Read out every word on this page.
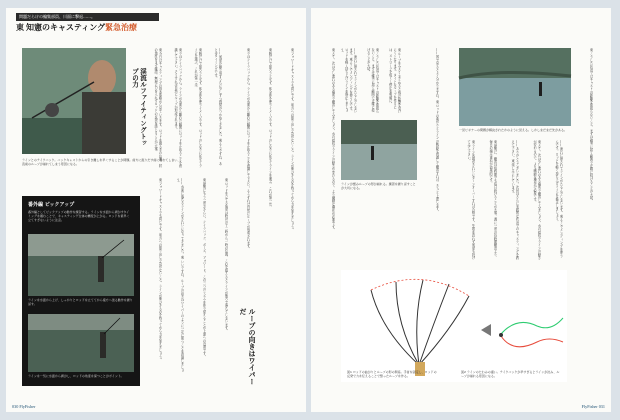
問題だらけの編集部員、川面に撃退……。
東 知憲のキャスティング緊急治療
ラインとのテイクバック。バックキャストからの引き離しを早くすることが問題。前方に振りだす前に垂れてしまい、直前のループが崩れてしまう原因になる。
渓流ルファイティングトップの力
番外編 ピックアップ
番外編としてピックアップの動作を練習する。ラインを水面から剥がすタイミングを掴むことで、キャスティング全体の精度が上がる。ロッドを素早く立てすぎないように注意。
ラインを水面から上げ、しっかりとロッドを立ててから後方へ送る動作を繰り返す。
ラインを一気に水面から剥がし、ロッドの角度を保つことがポイント。
東 今日はキャスティングの基本姿勢から見ていきます。ロッドを握る手の位置、肘の角度をまず確認。無理に力を入れずロッドの反発を感じることが大事。	東 ではテイクバックから。ラインが水面から離れた瞬間にロッドを止めることを意識して下さい。そうすれば自然にループが形成されます。	東 腕だけで振ろうとせず、体全体を使うイメージです。ロッドのしなりに任せてラインを運ぶ、これが第一歩。	—— 何度か繰り返すうちに少しずつ感覚がつかめてきました。東 そうですね、あとはタイミングです。
東 フォワードキャストでも同じです。前方への振り出しで急がないこと。ラインが伸びきるのを待ってから力を加えましょう。	—— 水面に落ちるラインがきれいになってきました。東 いいですね。ループの向きはワイパーのように一定に保つことを意識しましょう。	東 最後にもう一度おさらい。テイクバック、ポーズ、フォワード。この三つのリズムを体で覚えることが上達への近道です。	東 ロッドを立てる角度は時計の十二時から一時の位置。これを超えるとラインが後ろで落ちてしまいます。
ループの向きはワイパーだ
東 ではテイクバックから。ラインが水面から離れた瞬間にロッドを止めることを意識して下さい。そうすれば自然にループが形成されます。	東 腕だけで振ろうとせず、体全体を使うイメージです。ロッドのしなりに任せてラインを運ぶ、これが第一歩。	東 フォワードキャストでも同じです。前方への振り出しで急がないこと。ラインが伸びきるのを待ってから力を加えましょう。
030 FlyFisher
一見ビギナーの問題が解決されたかのように見える。しかしまだまだ先がある。
ラインが緩みループの形が崩れる。練習を繰り返すことが大切になる。
東 さて、次は少し流れのある場所で練習してみましょう。水の抵抗でラインの動きが変わるので、より繊細な操作が必要です。	—— 流れに押されてラインがたるんでしまいます。東 そこでメンディングを使うんです。ロッドを軽く持ち上げラインを修正しましょう。	東 こうした状況ではキャストの距離を欲張らないこと。まずは確実に届く範囲で正確に投げることが大切。	東 ループを小さくまとめると風の影響を受けにくくなります。タイトなループを作るには、ストロークを短くし停止を明確に。	—— 図で見るとよく分かりますね。東 ロッドの曲がりとラインの軌跡を意識して練習すれば、きっと上達します。	東 ライン先端がきれいにターンオーバーすれば合格です。失敗を恐れず何度も投げてみて下さい。	東 最後に、練習は短時間でも毎日続けることが大事。週に一度の長時間練習より、毎日の積み重ねが効果的です。	—— ありがとうございました。次回はさらに実践的な状況でのキャスティングを教えて下さい。東 楽しみにしています。	東 さて、次は少し流れのある場所で練習してみましょう。水の抵抗でラインの動きが変わるので、より繊細な操作が必要です。	—— 流れに押されてラインがたるんでしまいます。東 そこでメンディングを使うんです。ロッドを軽く持ち上げラインを修正しましょう。	東 こうした状況ではキャストの距離を欲張らないこと。まずは確実に届く範囲で正確に投げることが大切。
図1 ロッドの曲がりとループの形の関係。手首を固定し、ロッドの反発で力を伝えることで整ったループを作る。
図2 ラインのたわみの違い。テイクバックが早すぎるとラインが沈み、ループが崩れる原因になる。
FlyFisher 031
